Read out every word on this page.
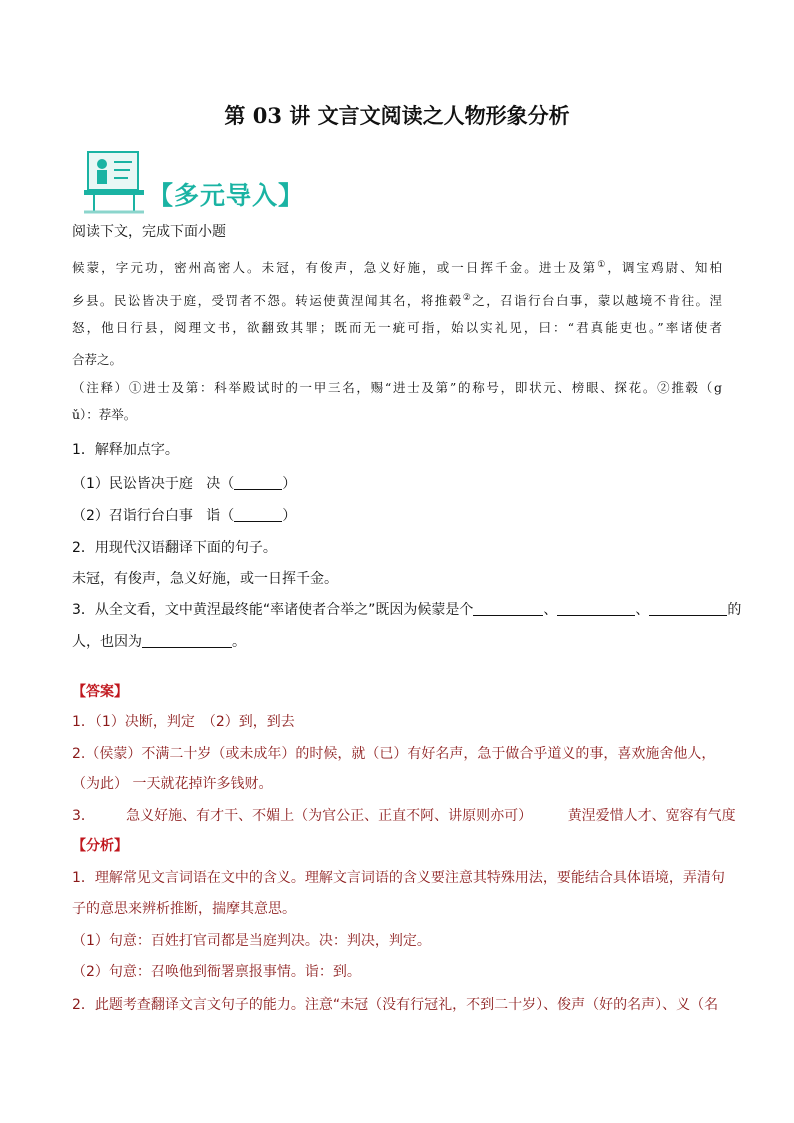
第 03 讲 文言文阅读之人物形象分析
【多元导入】
阅读下文，完成下面小题
候蒙，字元功，密州高密人。未冠，有俊声，急义好施，或一日挥千金。进士及第①，调宝鸡尉、知柏
乡县。民讼皆决于庭，受罚者不怨。转运使黄涅闻其名，将推毂②之，召诣行台白事，蒙以越境不肯往。涅
怒，他日行县，阅理文书，欲翻致其罪；既而无一疵可指，始以实礼见，曰：“君真能吏也。”率诸使者
合荐之。
（注释）①进士及第：科举殿试时的一甲三名，赐“进士及第”的称号，即状元、榜眼、探花。②推毂（g
ǔ）：荐举。
1．解释加点字。
（1）民讼皆决于庭 决（	）
（2）召诣行台白事 诣（	）
2．用现代汉语翻译下面的句子。
未冠，有俊声，急义好施，或一日挥千金。
3．从全文看，文中黄涅最终能“率诸使者合举之”既因为候蒙是个	、	、	的
人，也因为	。
【答案】
1．（1）决断，判定　（2）到，到去
2.（侯蒙）不满二十岁（或未成年）的时候，就（已）有好名声，急于做合乎道义的事，喜欢施舍他人，
（为此） 一天就花掉许多钱财。
3． 急义好施、有才干、不媚上（为官公正、正直不阿、讲原则亦可）	黄涅爱惜人才、宽容有气度
【分析】
1．理解常见文言词语在文中的含义。理解文言词语的含义要注意其特殊用法，要能结合具体语境，弄清句
子的意思来辨析推断，揣摩其意思。
（1）句意：百姓打官司都是当庭判决。决：判决，判定。
（2）句意：召唤他到衙署禀报事情。诣：到。
2．此题考查翻译文言文句子的能力。注意“未冠（没有行冠礼，不到二十岁）、俊声（好的名声）、义（名
